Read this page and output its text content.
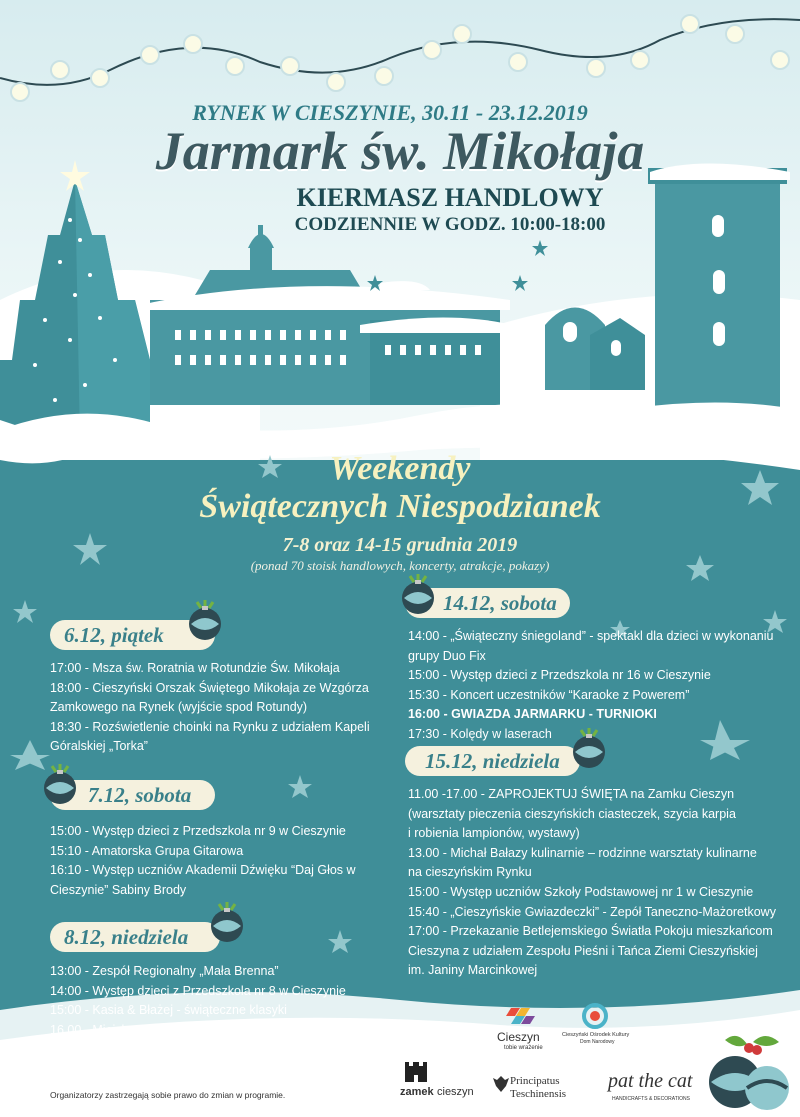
RYNEK W CIESZYNIE, 30.11 - 23.12.2019
Jarmark św. Mikołaja
KIERMASZ HANDLOWY
CODZIENNIE W GODZ. 10:00-18:00
Weekendy
Świątecznych Niespodzianek
7-8 oraz 14-15 grudnia 2019
(ponad 70 stoisk handlowych, koncerty, atrakcje, pokazy)
6.12, piątek

17:00 - Msza św. Roratnia w Rotundzie Św. Mikołaja

18:00 - Cieszyński Orszak Świętego Mikołaja ze Wzgórza

Zamkowego na Rynek (wyjście spod Rotundy)

18:30 - Rozświetlenie choinki na Rynku z udziałem Kapeli

Góralskiej „Torka”

7.12, sobota

15:00 - Występ dzieci z Przedszkola nr 9 w Cieszynie

15:10 - Amatorska Grupa Gitarowa

16:10 - Występ uczniów Akademii Dźwięku “Daj Głos w

Cieszynie” Sabiny Brody

8.12, niedziela

13:00 - Zespół Regionalny „Mała Brenna”

14:00 - Występ dzieci z Przedszkola nr 8 w Cieszynie

15:00 - Kasia & Błażej - świąteczne klasyki

16.00 - Miejska Orkiestra Dęta „Cieszynianka”

14.12, sobota

14:00 - „Świąteczny śniegoland” - spektakl dla dzieci w wykonaniu

grupy Duo Fix

15:00 - Występ dzieci z Przedszkola nr 16 w Cieszynie

15:30 - Koncert uczestników “Karaoke z Powerem”

16:00 - GWIAZDA JARMARKU - TURNIOKI

17:30 - Kolędy w laserach

15.12, niedziela

11.00 -17.00 - ZAPROJEKTUJ ŚWIĘTA na Zamku Cieszyn

(warsztaty pieczenia cieszyńskich ciasteczek, szycia karpia

i robienia lampionów, wystawy)

13.00 - Michał Bałazy kulinarnie – rodzinne warsztaty kulinarne

na cieszyńskim Rynku

15:00 - Występ uczniów Szkoły Podstawowej nr 1 w Cieszynie

15:40 - „Cieszyńskie Gwiazdeczki” - Zepół Taneczno-Mażoretkowy

17:00 - Przekazanie Betlejemskiego Światła Pokoju mieszkańcom

Cieszyna z udziałem Zespołu Pieśni i Tańca Ziemi Cieszyńskiej

im. Janiny Marcinkowej

Cieszyn
tobie wrażenie
Cieszyński Ośrodek Kultury
Dom Narodowy
zamek cieszyn
Principatus
Teschinensis
pat the cat
HANDICRAFTS & DECORATIONS
Organizatorzy zastrzegają sobie prawo do zmian w programie.
